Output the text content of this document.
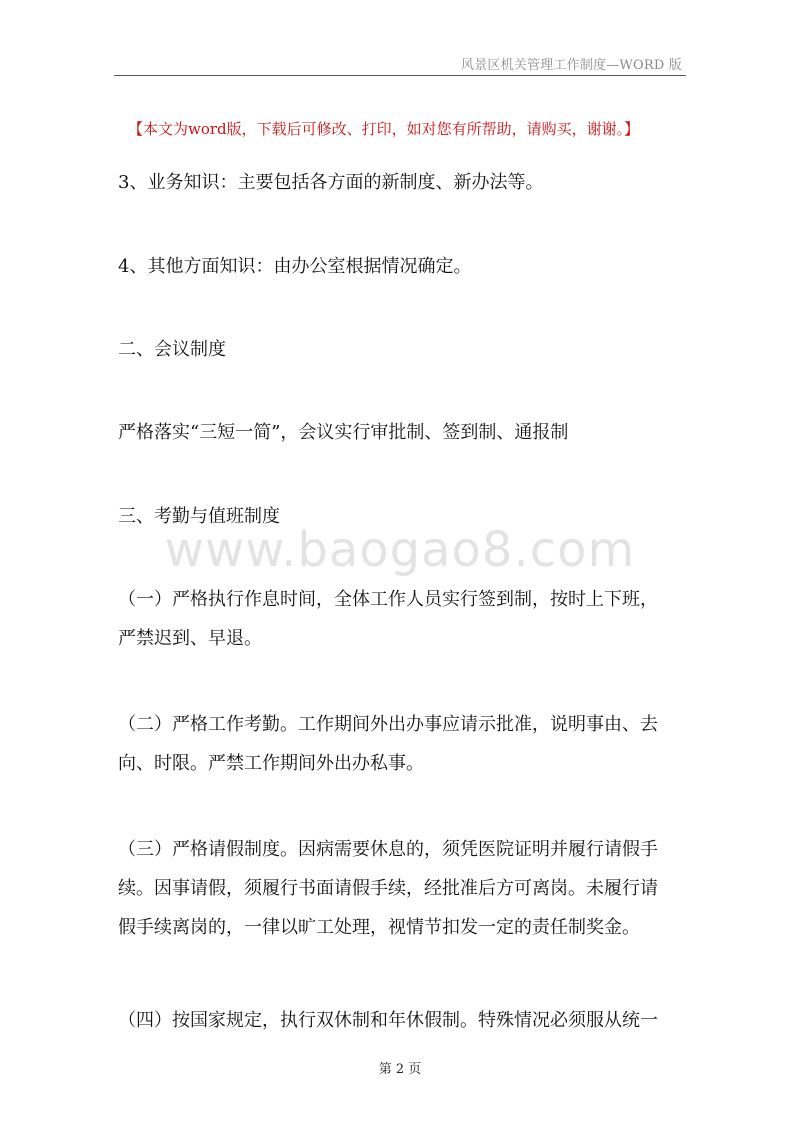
风景区机关管理工作制度—WORD 版
【本文为word版，下载后可修改、打印，如对您有所帮助，请购买，谢谢。】
3、业务知识：主要包括各方面的新制度、新办法等。
4、其他方面知识：由办公室根据情况确定。
二、会议制度
严格落实“三短一简”，会议实行审批制、签到制、通报制
三、考勤与值班制度
（一）严格执行作息时间，全体工作人员实行签到制，按时上下班，
严禁迟到、早退。
（二）严格工作考勤。工作期间外出办事应请示批准，说明事由、去
向、时限。严禁工作期间外出办私事。
（三）严格请假制度。因病需要休息的，须凭医院证明并履行请假手
续。因事请假，须履行书面请假手续，经批准后方可离岗。未履行请
假手续离岗的，一律以旷工处理，视情节扣发一定的责任制奖金。
（四）按国家规定，执行双休制和年休假制。特殊情况必须服从统一
www.baogao8.com
第 2 页
